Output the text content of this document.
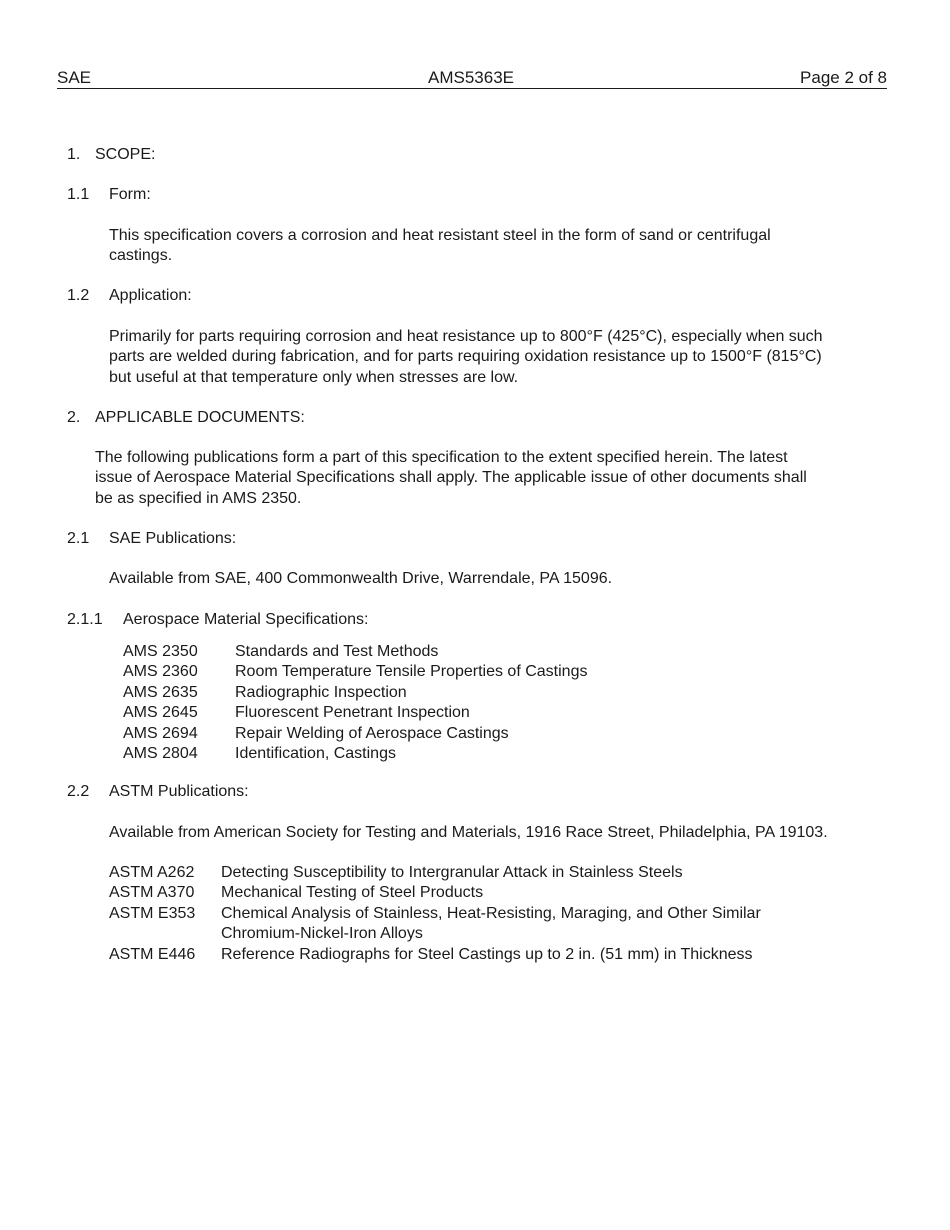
SAE	AMS5363E	Page 2 of 8
1. SCOPE:
1.1 Form:
This specification covers a corrosion and heat resistant steel in the form of sand or centrifugal
castings.
1.2 Application:
Primarily for parts requiring corrosion and heat resistance up to 800°F (425°C), especially when such
parts are welded during fabrication, and for parts requiring oxidation resistance up to 1500°F (815°C)
but useful at that temperature only when stresses are low.
2. APPLICABLE DOCUMENTS:
The following publications form a part of this specification to the extent specified herein. The latest
issue of Aerospace Material Specifications shall apply. The applicable issue of other documents shall
be as specified in AMS 2350.
2.1 SAE Publications:
Available from SAE, 400 Commonwealth Drive, Warrendale, PA 15096.
2.1.1 Aerospace Material Specifications:
AMS 2350 Standards and Test Methods
AMS 2360 Room Temperature Tensile Properties of Castings
AMS 2635 Radiographic Inspection
AMS 2645 Fluorescent Penetrant Inspection
AMS 2694 Repair Welding of Aerospace Castings
AMS 2804 Identification, Castings
2.2 ASTM Publications:
Available from American Society for Testing and Materials, 1916 Race Street, Philadelphia, PA 19103.
ASTM A262 Detecting Susceptibility to Intergranular Attack in Stainless Steels
ASTM A370 Mechanical Testing of Steel Products
ASTM E353 Chemical Analysis of Stainless, Heat-Resisting, Maraging, and Other Similar
Chromium-Nickel-Iron Alloys
ASTM E446 Reference Radiographs for Steel Castings up to 2 in. (51 mm) in Thickness
